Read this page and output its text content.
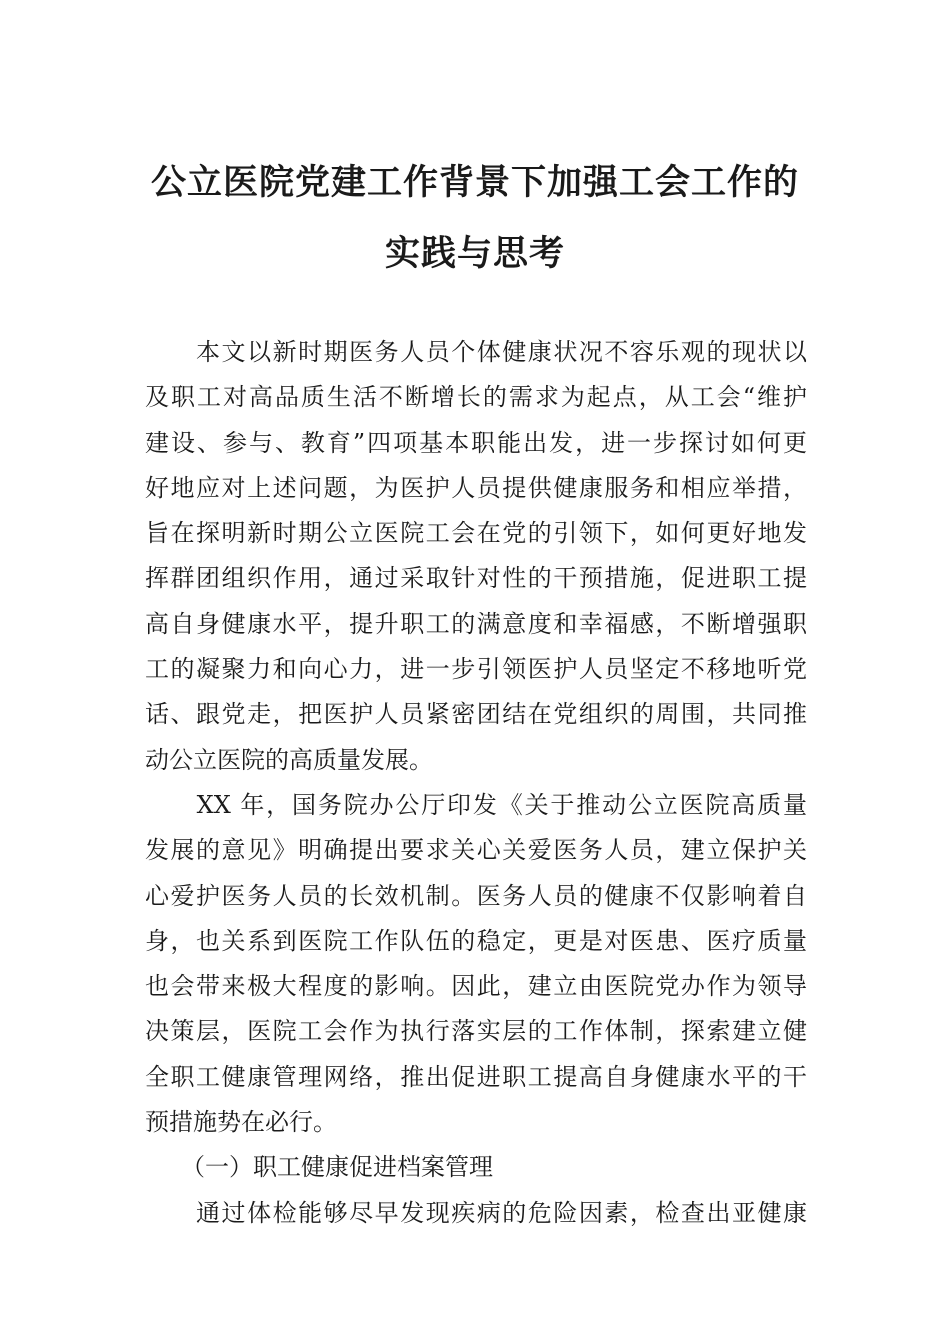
公立医院党建工作背景下加强工会工作的
实践与思考

　　本文以新时期医务人员个体健康状况不容乐观的现状以
及职工对高品质生活不断增长的需求为起点，从工会“维护
建设、参与、教育”四项基本职能出发，进一步探讨如何更
好地应对上述问题，为医护人员提供健康服务和相应举措，
旨在探明新时期公立医院工会在党的引领下，如何更好地发
挥群团组织作用，通过采取针对性的干预措施，促进职工提
高自身健康水平，提升职工的满意度和幸福感，不断增强职
工的凝聚力和向心力，进一步引领医护人员坚定不移地听党
话、跟党走，把医护人员紧密团结在党组织的周围，共同推
动公立医院的高质量发展。

　　XX 年，国务院办公厅印发《关于推动公立医院高质量
发展的意见》明确提出要求关心关爱医务人员，建立保护关
心爱护医务人员的长效机制。医务人员的健康不仅影响着自
身，也关系到医院工作队伍的稳定，更是对医患、医疗质量
也会带来极大程度的影响。因此，建立由医院党办作为领导
决策层，医院工会作为执行落实层的工作体制，探索建立健
全职工健康管理网络，推出促进职工提高自身健康水平的干
预措施势在必行。

（一）职工健康促进档案管理

　　通过体检能够尽早发现疾病的危险因素，检查出亚健康
